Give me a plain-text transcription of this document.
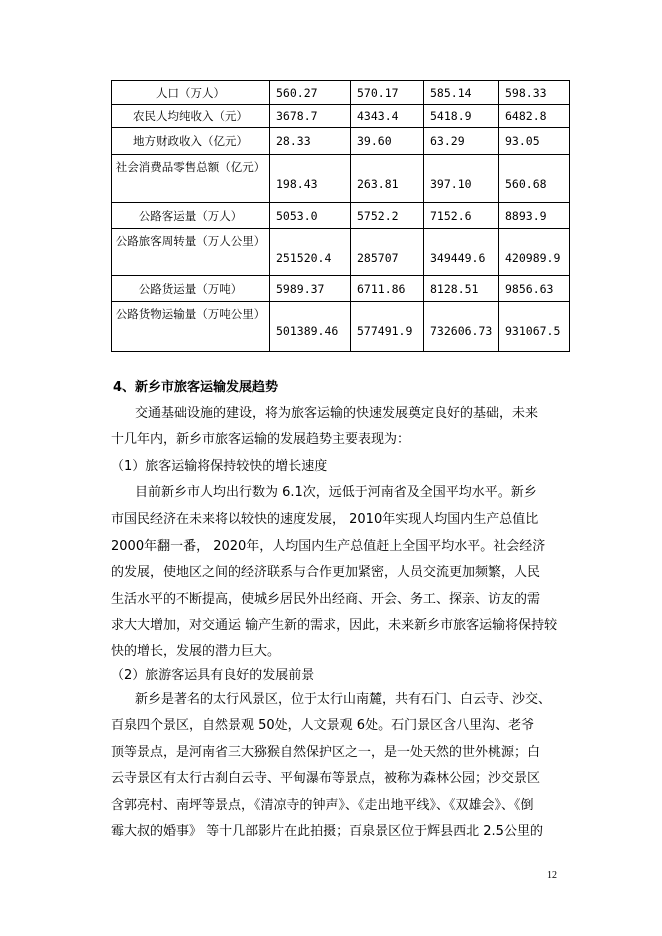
人口（万人）	560.27	570.17	585.14	598.33
农民人均纯收入（元）	3678.7	4343.4	5418.9	6482.8
地方财政收入（亿元）	28.33	39.60	63.29	93.05
社会消费品零售总额（亿元）	198.43	263.81	397.10	560.68
公路客运量（万人）	5053.0	5752.2	7152.6	8893.9
公路旅客周转量（万人公里）	251520.4	285707	349449.6	420989.9
公路货运量（万吨）	5989.37	6711.86	8128.51	9856.63
公路货物运输量（万吨公里）	501389.46	577491.9	732606.73	931067.5
4、新乡市旅客运输发展趋势
交通基础设施的建设，将为旅客运输的快速发展奠定良好的基础，未来
十几年内，新乡市旅客运输的发展趋势主要表现为：
（1）旅客运输将保持较快的增长速度
目前新乡市人均出行数为 6.1次，远低于河南省及全国平均水平。新乡
市国民经济在未来将以较快的速度发展， 2010年实现人均国内生产总值比
2000年翻一番， 2020年，人均国内生产总值赶上全国平均水平。社会经济
的发展，使地区之间的经济联系与合作更加紧密，人员交流更加频繁，人民
生活水平的不断提高，使城乡居民外出经商、开会、务工、探亲、访友的需
求大大增加，对交通运 输产生新的需求，因此，未来新乡市旅客运输将保持较
快的增长，发展的潜力巨大。
（2）旅游客运具有良好的发展前景
新乡是著名的太行风景区，位于太行山南麓，共有石门、白云寺、沙交、
百泉四个景区，自然景观 50处，人文景观 6处。石门景区含八里沟、老爷
顶等景点，是河南省三大猕猴自然保护区之一，是一处天然的世外桃源；白
云寺景区有太行古刹白云寺、平甸瀑布等景点，被称为森林公园；沙交景区
含郭亮村、南坪等景点，《清凉寺的钟声》、《走出地平线》、《双雄会》、《倒
霉大叔的婚事》 等十几部影片在此拍摄；百泉景区位于辉县西北 2.5公里的
12
